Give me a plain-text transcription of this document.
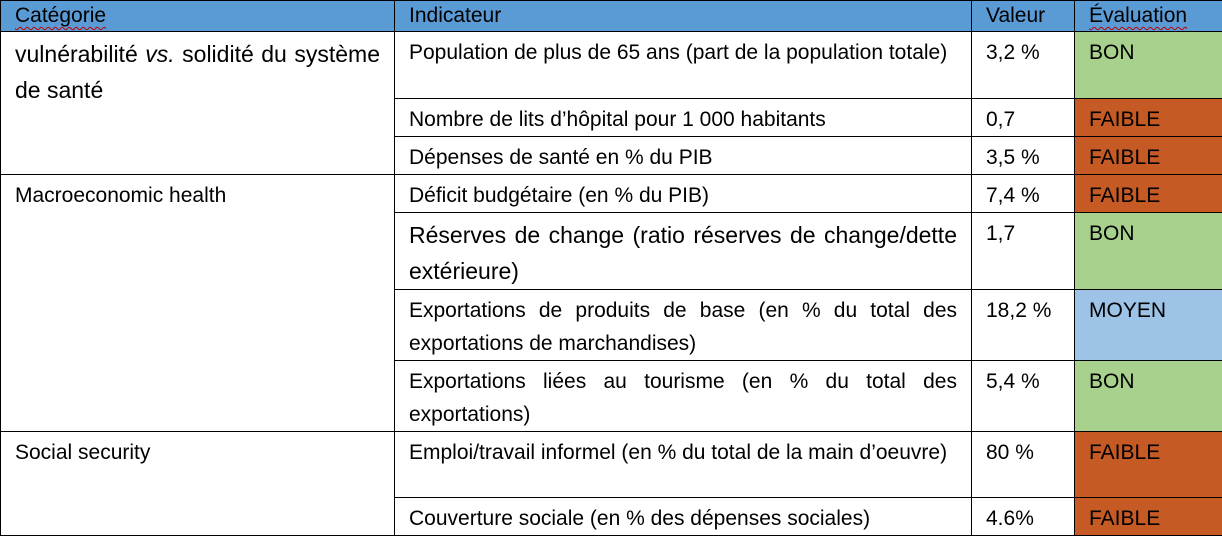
Catégorie	Indicateur	Valeur	Évaluation
vulnérabilité vs. solidité du système de santé	Population de plus de 65 ans (part de la population totale)	3,2 %	BON
	Nombre de lits d’hôpital pour 1 000 habitants	0,7	FAIBLE
	Dépenses de santé en % du PIB	3,5 %	FAIBLE
Macroeconomic health	Déficit budgétaire (en % du PIB)	7,4 %	FAIBLE
	Réserves de change (ratio réserves de change/dette extérieure)	1,7	BON
	Exportations de produits de base (en % du total des exportations de marchandises)	18,2 %	MOYEN
	Exportations liées au tourisme (en % du total des exportations)	5,4 %	BON
Social security	Emploi/travail informel (en % du total de la main d’oeuvre)	80 %	FAIBLE
	Couverture sociale (en % des dépenses sociales)	4.6%	FAIBLE
